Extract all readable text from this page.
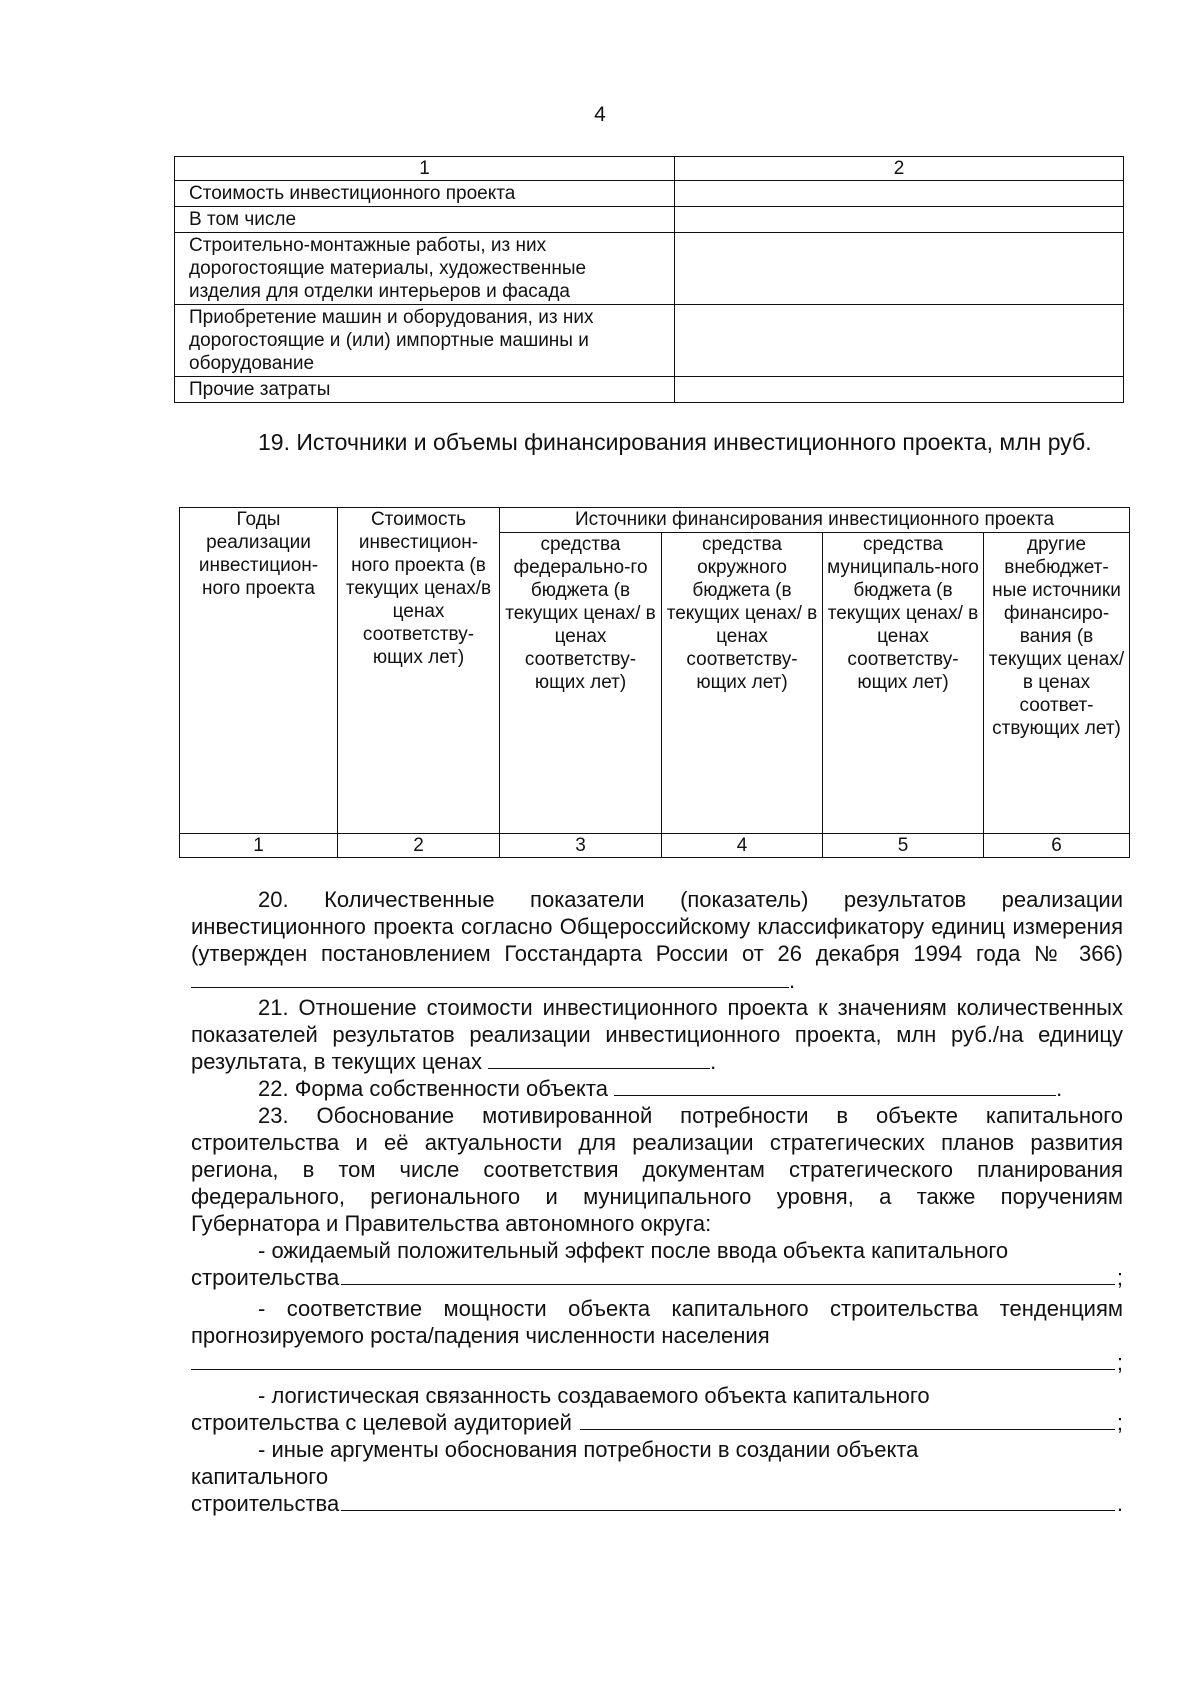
4
1	2
Стоимость инвестиционного проекта	
В том числе	
Строительно-монтажные работы, из них дорогостоящие материалы, художественные изделия для отделки интерьеров и фасада	
Приобретение машин и оборудования, из них дорогостоящие и (или) импортные машины и оборудование	
Прочие затраты	
19. Источники и объемы финансирования инвестиционного проекта, млн руб.
Годы реализации инвестицион-ного проекта	Стоимость инвестицион-ного проекта (в текущих ценах/в ценах соответству-ющих лет)	Источники финансирования инвестиционного проекта			
		средства федерально-го бюджета (в текущих ценах/ в ценах соответству-ющих лет)	средства окружного бюджета (в текущих ценах/ в ценах соответству-ющих лет)	средства муниципаль-ного бюджета (в текущих ценах/ в ценах соответству-ющих лет)	другие внебюджет-ные источники финансиро-вания (в текущих ценах/ в ценах соответ-ствующих лет)
1	2	3	4	5	6

20. Количественные показатели (показатель) результатов реализации инвестиционного проекта согласно Общероссийскому классификатору единиц измерения (утвержден постановлением Госстандарта России от 26 декабря 1994 года № 366) .

21. Отношение стоимости инвестиционного проекта к значениям количественных показателей результатов реализации инвестиционного проекта, млн руб./на единицу результата, в текущих ценах	.

22. Форма собственности объекта	.

23. Обоснование мотивированной потребности в объекте капитального строительства и её актуальности для реализации стратегических планов развития региона, в том числе соответствия документам стратегического планирования федерального, регионального и муниципального уровня, а также поручениям Губернатора и Правительства автономного округа:

- ожидаемый положительный эффект после ввода объекта капитального

строительства	;

- соответствие мощности объекта капитального строительства тенденциям прогнозируемого роста/падения численности населения

;

- логистическая связанность создаваемого объекта капитального

строительства с целевой аудиторией	;

- иные аргументы обоснования потребности в создании объекта

капитального
строительства	.
